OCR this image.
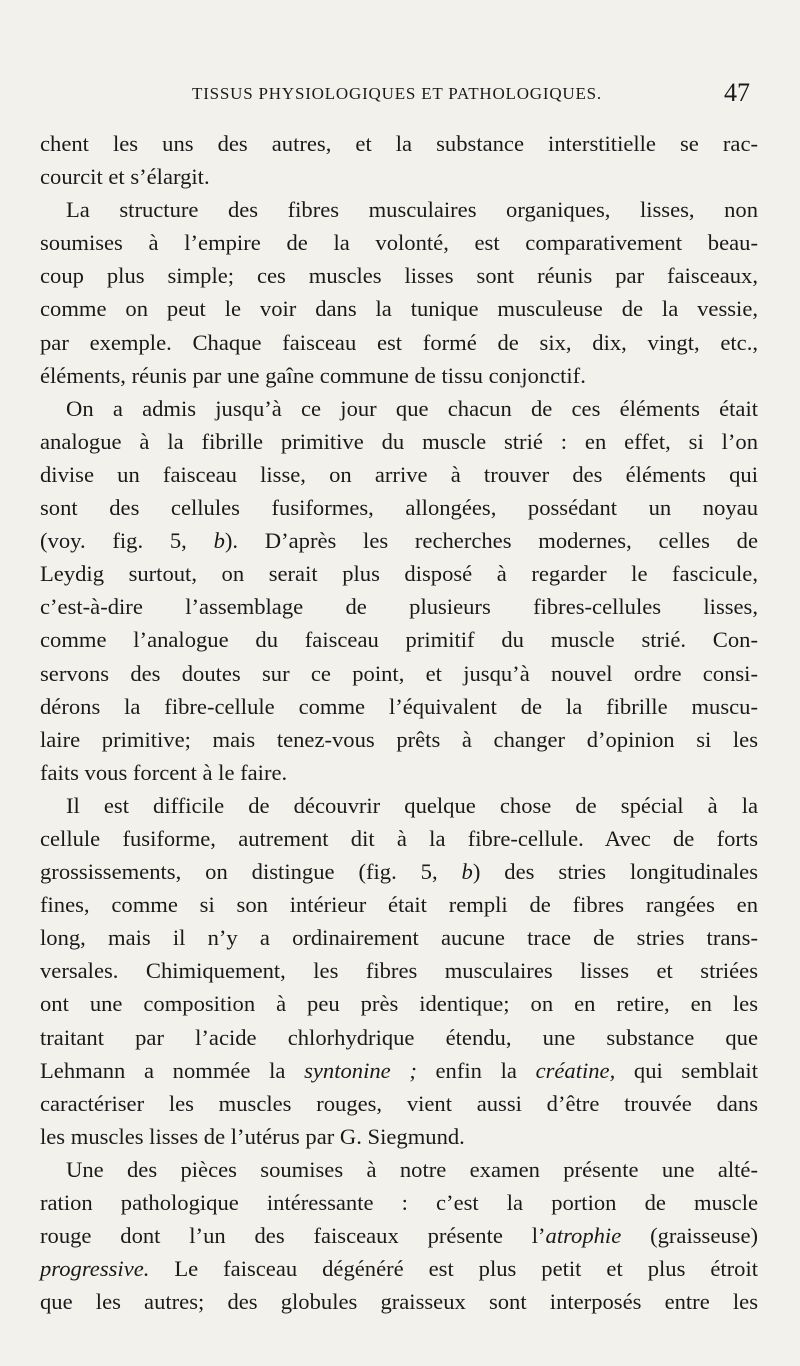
TISSUS PHYSIOLOGIQUES ET PATHOLOGIQUES.	47

chent les uns des autres, et la substance interstitielle se rac-
courcit et s’élargit.

La structure des fibres musculaires organiques, lisses, non
soumises à l’empire de la volonté, est comparativement beau-
coup plus simple; ces muscles lisses sont réunis par faisceaux,
comme on peut le voir dans la tunique musculeuse de la vessie,
par exemple. Chaque faisceau est formé de six, dix, vingt, etc.,
éléments, réunis par une gaîne commune de tissu conjonctif.

On a admis jusqu’à ce jour que chacun de ces éléments était
analogue à la fibrille primitive du muscle strié : en effet, si l’on
divise un faisceau lisse, on arrive à trouver des éléments qui
sont des cellules fusiformes, allongées, possédant un noyau
(voy. fig. 5, b). D’après les recherches modernes, celles de
Leydig surtout, on serait plus disposé à regarder le fascicule,
c’est-à-dire l’assemblage de plusieurs fibres-cellules lisses,
comme l’analogue du faisceau primitif du muscle strié. Con-
servons des doutes sur ce point, et jusqu’à nouvel ordre consi-
dérons la fibre-cellule comme l’équivalent de la fibrille muscu-
laire primitive; mais tenez-vous prêts à changer d’opinion si les
faits vous forcent à le faire.

Il est difficile de découvrir quelque chose de spécial à la
cellule fusiforme, autrement dit à la fibre-cellule. Avec de forts
grossissements, on distingue (fig. 5, b) des stries longitudinales
fines, comme si son intérieur était rempli de fibres rangées en
long, mais il n’y a ordinairement aucune trace de stries trans-
versales. Chimiquement, les fibres musculaires lisses et striées
ont une composition à peu près identique; on en retire, en les
traitant par l’acide chlorhydrique étendu, une substance que
Lehmann a nommée la syntonine ; enfin la créatine, qui semblait
caractériser les muscles rouges, vient aussi d’être trouvée dans
les muscles lisses de l’utérus par G. Siegmund.

Une des pièces soumises à notre examen présente une alté-
ration pathologique intéressante : c’est la portion de muscle
rouge dont l’un des faisceaux présente l’atrophie (graisseuse)
progressive. Le faisceau dégénéré est plus petit et plus étroit
que les autres; des globules graisseux sont interposés entre les
